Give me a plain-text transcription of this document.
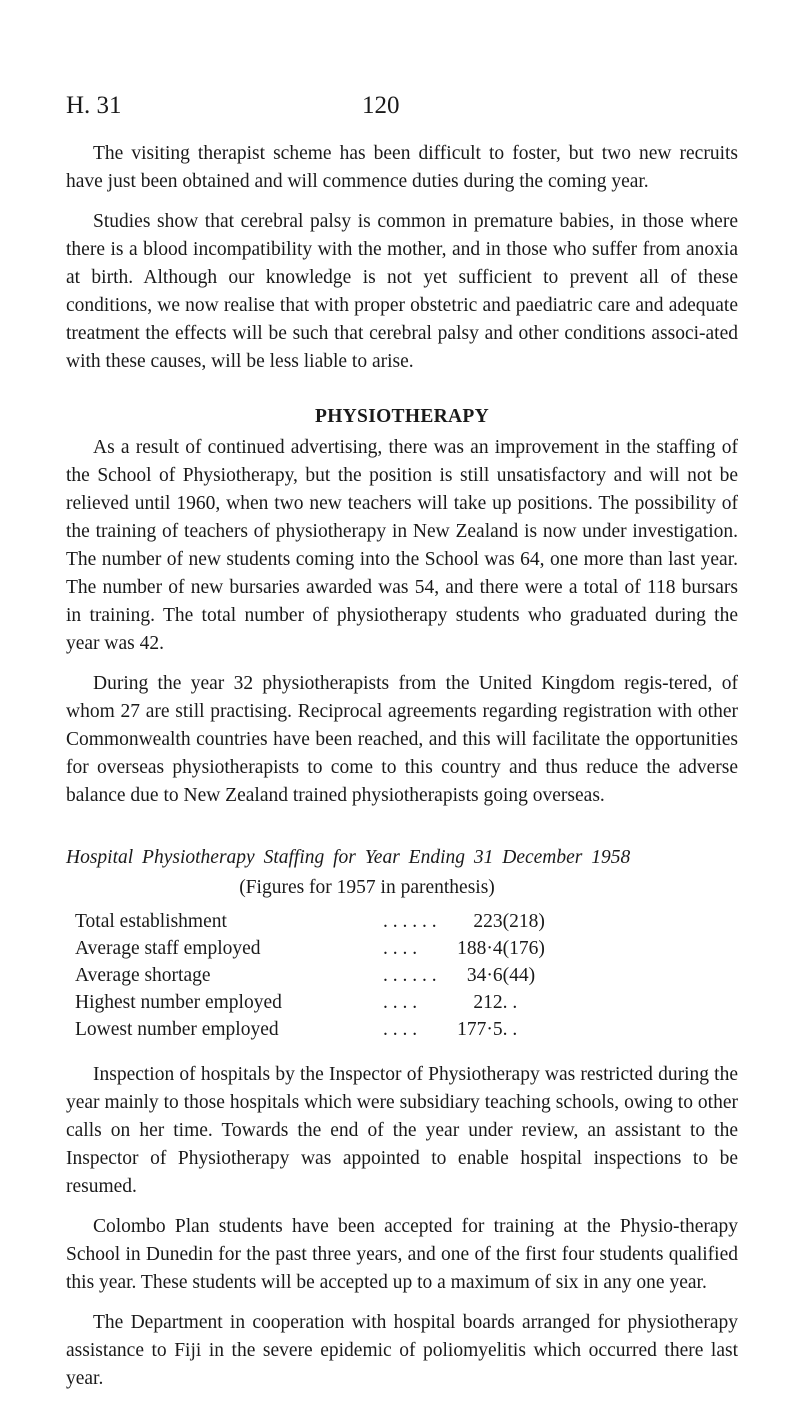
H. 31	120

The visiting therapist scheme has been difficult to foster, but two new recruits have just been obtained and will commence duties during the coming year.

Studies show that cerebral palsy is common in premature babies, in those where there is a blood incompatibility with the mother, and in those who suffer from anoxia at birth. Although our knowledge is not yet sufficient to prevent all of these conditions, we now realise that with proper obstetric and paediatric care and adequate treatment the effects will be such that cerebral palsy and other conditions associ-ated with these causes, will be less liable to arise.

PHYSIOTHERAPY

As a result of continued advertising, there was an improvement in the staffing of the School of Physiotherapy, but the position is still unsatisfactory and will not be relieved until 1960, when two new teachers will take up positions. The possibility of the training of teachers of physiotherapy in New Zealand is now under investigation. The number of new students coming into the School was 64, one more than last year. The number of new bursaries awarded was 54, and there were a total of 118 bursars in training. The total number of physiotherapy students who graduated during the year was 42.

During the year 32 physiotherapists from the United Kingdom regis-tered, of whom 27 are still practising. Reciprocal agreements regarding registration with other Commonwealth countries have been reached, and this will facilitate the opportunities for overseas physiotherapists to come to this country and thus reduce the adverse balance due to New Zealand trained physiotherapists going overseas.

Hospital Physiotherapy Staffing for Year Ending 31 December 1958
(Figures for 1957 in parenthesis)
Total establishment	. . . . . .	223	(218)
Average staff employed	. . . .	188·4	(176)
Average shortage	. . . . . .	34·6	(44)
Highest number employed	. . . .	212	. .
Lowest number employed	. . . .	177·5	. .

Inspection of hospitals by the Inspector of Physiotherapy was restricted during the year mainly to those hospitals which were subsidiary teaching schools, owing to other calls on her time. Towards the end of the year under review, an assistant to the Inspector of Physiotherapy was appointed to enable hospital inspections to be resumed.

Colombo Plan students have been accepted for training at the Physio-therapy School in Dunedin for the past three years, and one of the first four students qualified this year. These students will be accepted up to a maximum of six in any one year.

The Department in cooperation with hospital boards arranged for physiotherapy assistance to Fiji in the severe epidemic of poliomyelitis which occurred there last year.
